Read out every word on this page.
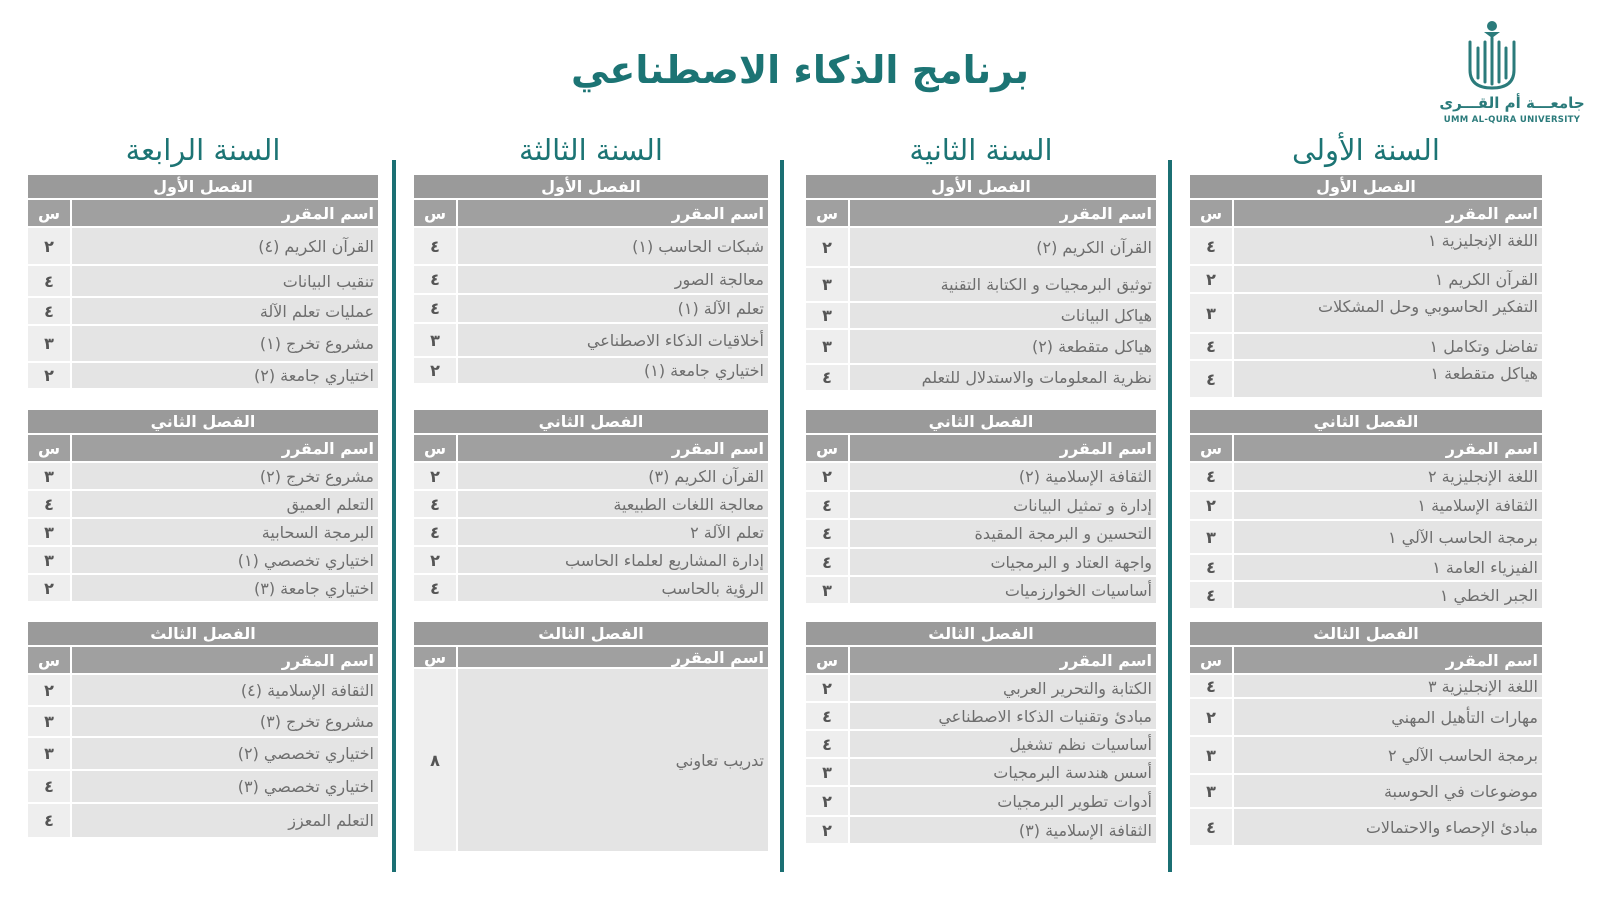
برنامج الذكاء الاصطناعي
جامعـــة أم القـــرى
UMM AL-QURA UNIVERSITY
السنة الأولى
الفصل الأول
اسم المقرر
س
اللغة الإنجليزية ١
٤
القرآن الكريم ١
٢
التفكير الحاسوبي وحل المشكلات
٣
تفاضل وتكامل ١
٤
هياكل متقطعة ١
٤
الفصل الثاني
اسم المقرر
س
اللغة الإنجليزية ٢
٤
الثقافة الإسلامية ١
٢
برمجة الحاسب الآلي ١
٣
الفيزياء العامة ١
٤
الجبر الخطي ١
٤
الفصل الثالث
اسم المقرر
س
اللغة الإنجليزية ٣
٤
مهارات التأهيل المهني
٢
برمجة الحاسب الآلي ٢
٣
موضوعات في الحوسبة
٣
مبادئ الإحصاء والاحتمالات
٤
السنة الثانية
الفصل الأول
اسم المقرر
س
القرآن الكريم (٢)
٢
توثيق البرمجيات و الكتابة التقنية
٣
هياكل البيانات
٣
هياكل متقطعة (٢)
٣
نظرية المعلومات والاستدلال للتعلم
٤
الفصل الثاني
اسم المقرر
س
الثقافة الإسلامية (٢)
٢
إدارة و تمثيل البيانات
٤
التحسين و البرمجة المقيدة
٤
واجهة العتاد و البرمجيات
٤
أساسيات الخوارزميات
٣
الفصل الثالث
اسم المقرر
س
الكتابة والتحرير العربي
٢
مبادئ وتقنيات الذكاء الاصطناعي
٤
أساسيات نظم تشغيل
٤
أسس هندسة البرمجيات
٣
أدوات تطوير البرمجيات
٢
الثقافة الإسلامية (٣)
٢
السنة الثالثة
الفصل الأول
اسم المقرر
س
شبكات الحاسب (١)
٤
معالجة الصور
٤
تعلم الآلة (١)
٤
أخلاقيات الذكاء الاصطناعي
٣
اختياري جامعة (١)
٢
الفصل الثاني
اسم المقرر
س
القرآن الكريم (٣)
٢
معالجة اللغات الطبيعية
٤
تعلم الآلة ٢
٤
إدارة المشاريع لعلماء الحاسب
٢
الرؤية بالحاسب
٤
الفصل الثالث
اسم المقرر
س
تدريب تعاوني
٨
السنة الرابعة
الفصل الأول
اسم المقرر
س
القرآن الكريم (٤)
٢
تنقيب البيانات
٤
عمليات تعلم الآلة
٤
مشروع تخرج (١)
٣
اختياري جامعة (٢)
٢
الفصل الثاني
اسم المقرر
س
مشروع تخرج (٢)
٣
التعلم العميق
٤
البرمجة السحابية
٣
اختياري تخصصي (١)
٣
اختياري جامعة (٣)
٢
الفصل الثالث
اسم المقرر
س
الثقافة الإسلامية (٤)
٢
مشروع تخرج (٣)
٣
اختياري تخصصي (٢)
٣
اختياري تخصصي (٣)
٤
التعلم المعزز
٤
